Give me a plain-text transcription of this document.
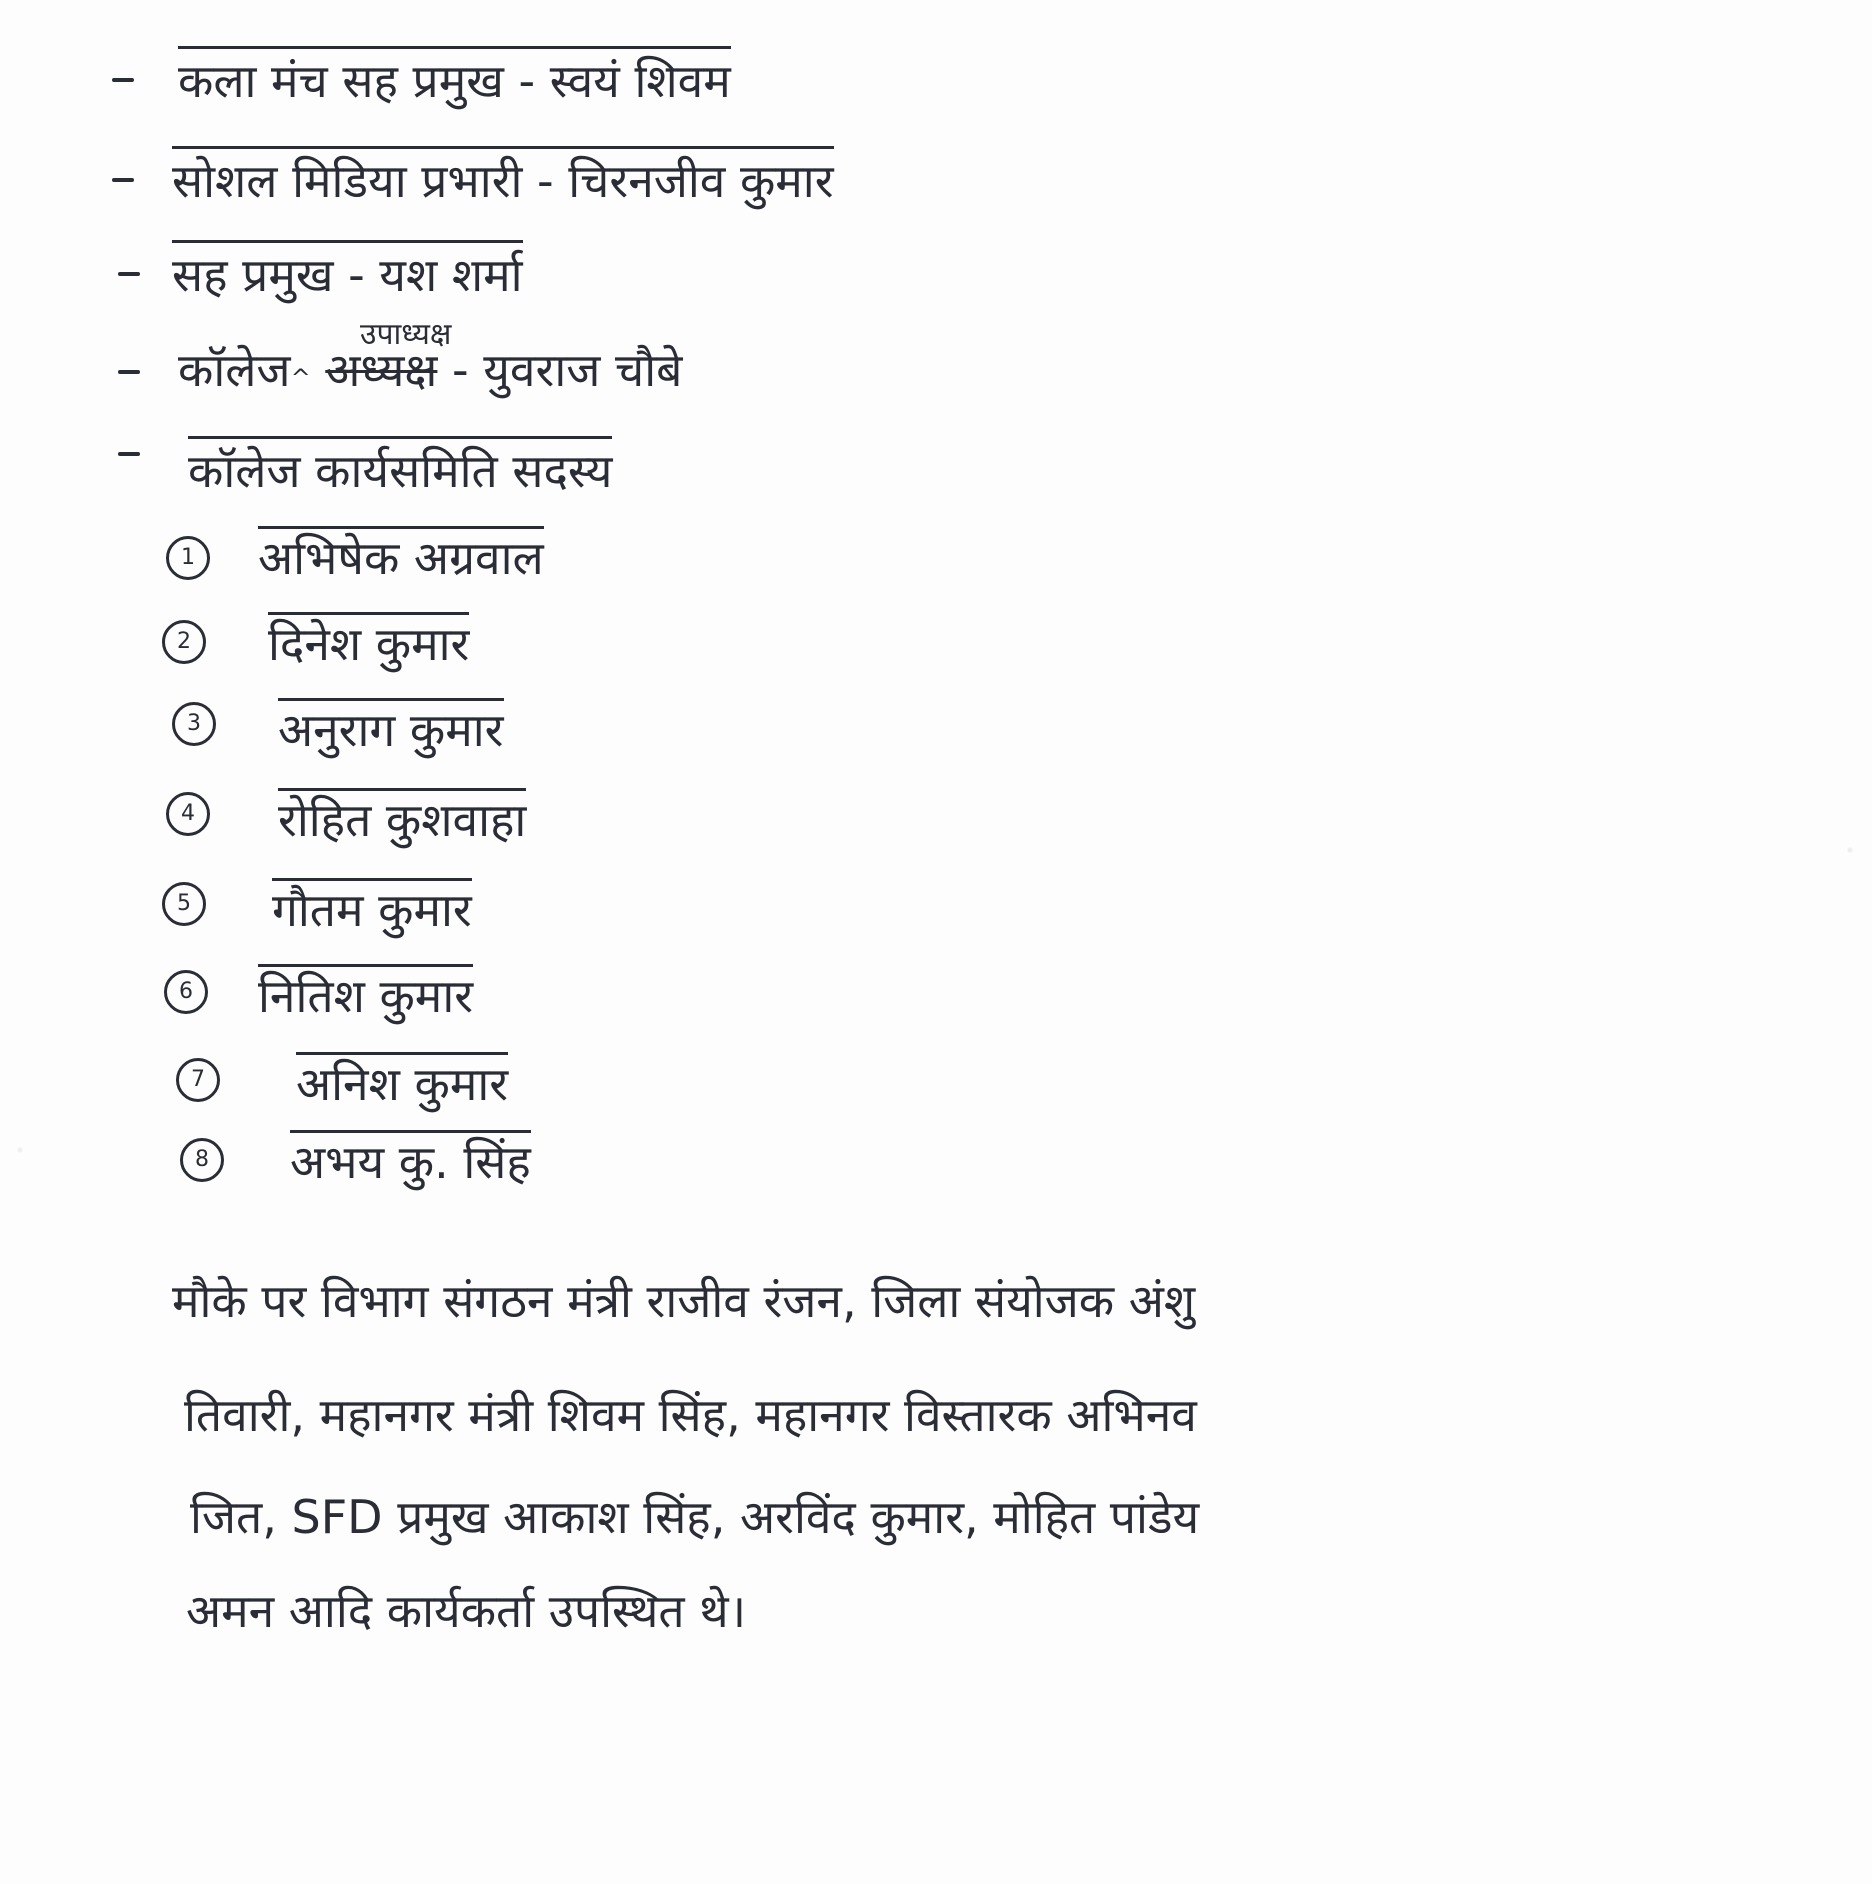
कला मंच सह प्रमुख - स्वयं शिवम
सोशल मिडिया प्रभारी - चिरनजीव कुमार
सह प्रमुख - यश शर्मा
उपाध्यक्ष
कॉलेज^ अध्यक्ष - युवराज चौबे
कॉलेज कार्यसमिति सदस्य
1	अभिषेक अग्रवाल
2	दिनेश कुमार
3	अनुराग कुमार
4	रोहित कुशवाहा
5	गौतम कुमार
6	नितिश कुमार
7	अनिश कुमार
8	अभय कु. सिंह
मौके पर विभाग संगठन मंत्री राजीव रंजन, जिला संयोजक अंशु
तिवारी, महानगर मंत्री शिवम सिंह, महानगर विस्तारक अभिनव
जित, SFD प्रमुख आकाश सिंह, अरविंद कुमार, मोहित पांडेय
अमन आदि कार्यकर्ता उपस्थित थे।
